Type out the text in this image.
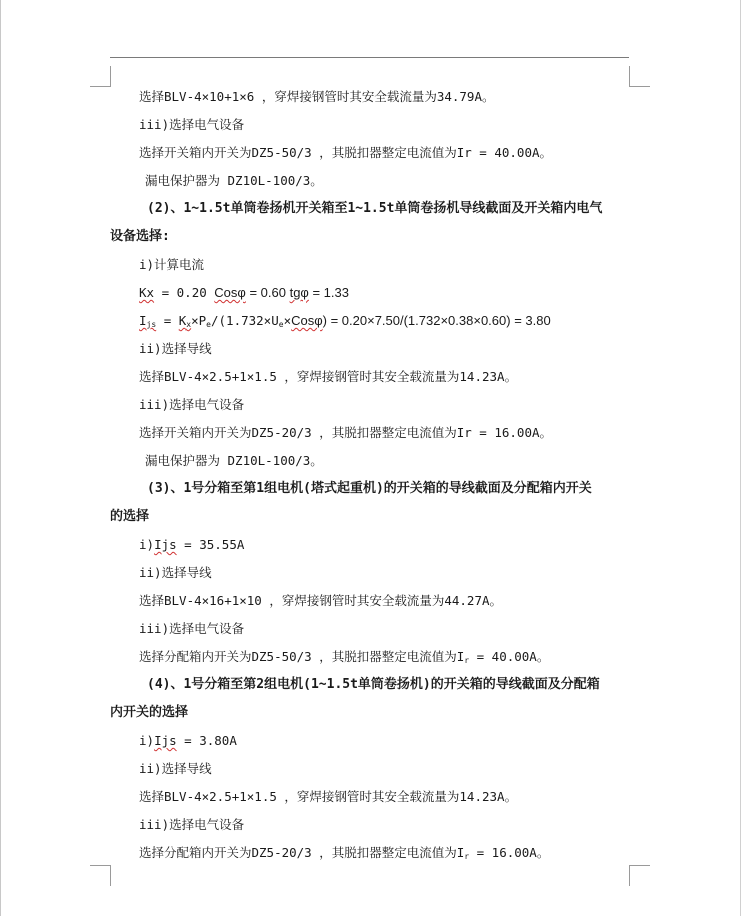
选择BLV-4×10+1×6 ，穿焊接钢管时其安全载流量为34.79A。
iii)选择电气设备
选择开关箱内开关为DZ5-50/3 ，其脱扣器整定电流值为Ir = 40.00A。
漏电保护器为 DZ10L-100/3。
(2)、1~1.5t单筒卷扬机开关箱至1~1.5t单筒卷扬机导线截面及开关箱内电气
设备选择:
i)计算电流
Kx = 0.20 Cosφ = 0.60 tgφ = 1.33
$I_{js} = K_x\times P_e/(1.732\times U_e\times Cos\varphi) = 0.20\times 7.50/(1.732\times 0.38\times 0.60) = 3.80$
ii)选择导线
选择BLV-4×2.5+1×1.5 ，穿焊接钢管时其安全载流量为14.23A。
iii)选择电气设备
选择开关箱内开关为DZ5-20/3 ，其脱扣器整定电流值为Ir = 16.00A。
漏电保护器为 DZ10L-100/3。
(3)、1号分箱至第1组电机(塔式起重机)的开关箱的导线截面及分配箱内开关
的选择
i)Ijs = 35.55A
ii)选择导线
选择BLV-4×16+1×10 ，穿焊接钢管时其安全载流量为44.27A。
iii)选择电气设备
选择分配箱内开关为DZ5-50/3 ，其脱扣器整定电流值为$I_r = 40.00A$。
(4)、1号分箱至第2组电机(1~1.5t单筒卷扬机)的开关箱的导线截面及分配箱
内开关的选择
i)Ijs = 3.80A
ii)选择导线
选择BLV-4×2.5+1×1.5 ，穿焊接钢管时其安全载流量为14.23A。
iii)选择电气设备
选择分配箱内开关为DZ5-20/3 ，其脱扣器整定电流值为$I_r = 16.00A$。
